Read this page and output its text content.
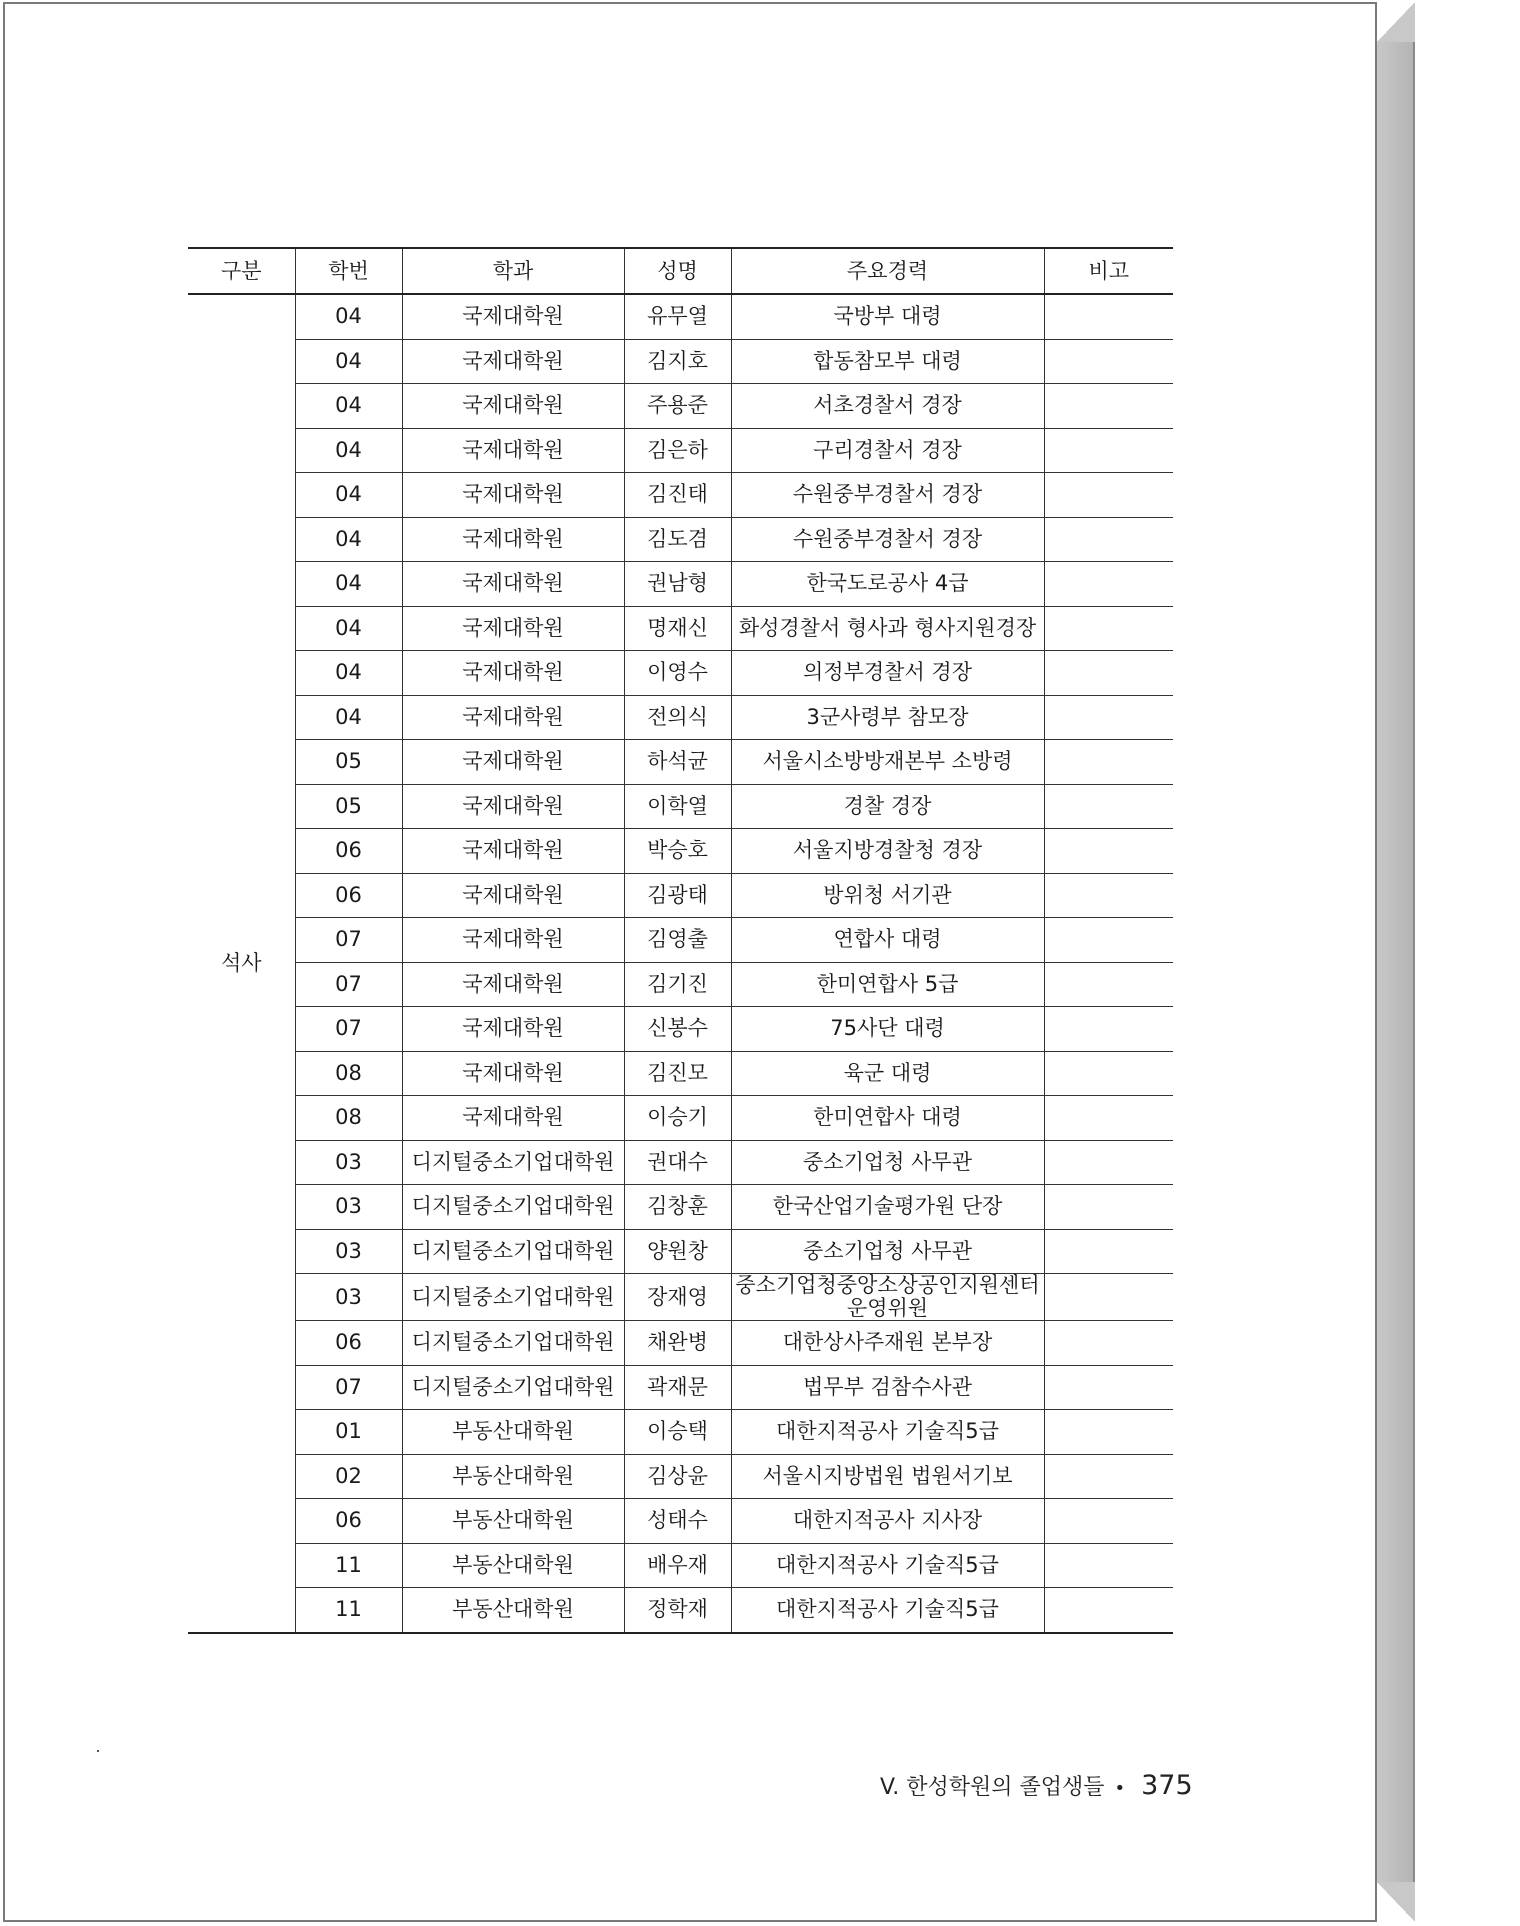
구분	학번	학과	성명	주요경력	비고
석사	04	국제대학원	유무열	국방부 대령	
	04	국제대학원	김지호	합동참모부 대령	
	04	국제대학원	주용준	서초경찰서 경장	
	04	국제대학원	김은하	구리경찰서 경장	
	04	국제대학원	김진태	수원중부경찰서 경장	
	04	국제대학원	김도겸	수원중부경찰서 경장	
	04	국제대학원	권남형	한국도로공사 4급	
	04	국제대학원	명재신	화성경찰서 형사과 형사지원경장	
	04	국제대학원	이영수	의정부경찰서 경장	
	04	국제대학원	전의식	3군사령부 참모장	
	05	국제대학원	하석균	서울시소방방재본부 소방령	
	05	국제대학원	이학열	경찰 경장	
	06	국제대학원	박승호	서울지방경찰청 경장	
	06	국제대학원	김광태	방위청 서기관	
	07	국제대학원	김영출	연합사 대령	
	07	국제대학원	김기진	한미연합사 5급	
	07	국제대학원	신봉수	75사단 대령	
	08	국제대학원	김진모	육군 대령	
	08	국제대학원	이승기	한미연합사 대령	
	03	디지털중소기업대학원	권대수	중소기업청 사무관	
	03	디지털중소기업대학원	김창훈	한국산업기술평가원 단장	
	03	디지털중소기업대학원	양원창	중소기업청 사무관	
	03	디지털중소기업대학원	장재영	중소기업청중앙소상공인지원센터 운영위원	
	06	디지털중소기업대학원	채완병	대한상사주재원 본부장	
	07	디지털중소기업대학원	곽재문	법무부 검참수사관	
	01	부동산대학원	이승택	대한지적공사 기술직5급	
	02	부동산대학원	김상윤	서울시지방법원 법원서기보	
	06	부동산대학원	성태수	대한지적공사 지사장	
	11	부동산대학원	배우재	대한지적공사 기술직5급	
	11	부동산대학원	정학재	대한지적공사 기술직5급	
V. 한성학원의 졸업생들 • 375
